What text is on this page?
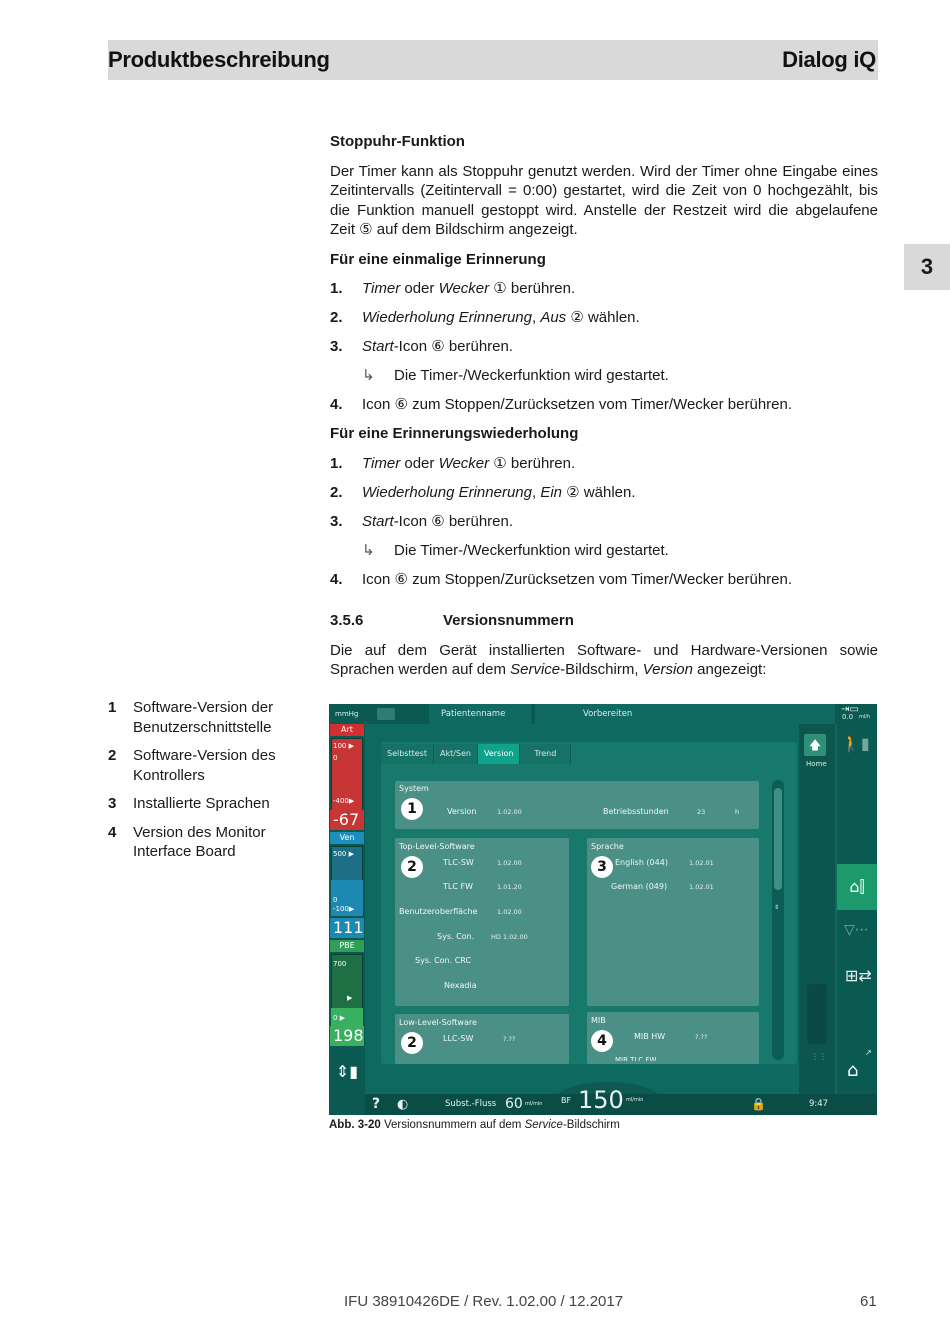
Produktbeschreibung	Dialog iQ
3
Stoppuhr-Funktion
Der Timer kann als Stoppuhr genutzt werden. Wird der Timer ohne Eingabe eines Zeitintervalls (Zeitintervall = 0:00) gestartet, wird die Zeit von 0 hochgezählt, bis die Funktion manuell gestoppt wird. Anstelle der Restzeit wird die abgelaufene Zeit ⑤ auf dem Bildschirm angezeigt.
Für eine einmalige Erinnerung
1.	Timer oder Wecker ① berühren.
2.	Wiederholung Erinnerung, Aus ② wählen.
3.	Start-Icon ⑥ berühren.
↳	Die Timer-/Weckerfunktion wird gestartet.
4.	Icon ⑥ zum Stoppen/Zurücksetzen vom Timer/Wecker berühren.
Für eine Erinnerungswiederholung
1.	Timer oder Wecker ① berühren.
2.	Wiederholung Erinnerung, Ein ② wählen.
3.	Start-Icon ⑥ berühren.
↳	Die Timer-/Weckerfunktion wird gestartet.
4.	Icon ⑥ zum Stoppen/Zurücksetzen vom Timer/Wecker berühren.
3.5.6	Versionsnummern
Die auf dem Gerät installierten Software- und Hardware-Versionen sowie Sprachen werden auf dem Service-Bildschirm, Version angezeigt:
1	Software-Version der Benutzerschnittstelle
2	Software-Version des Kontrollers
3	Installierte Sprachen
4	Version des Monitor Interface Board
mmHg	Patientenname	Vorbereiten	⇥▭
0.0 ml/h
Art
100 ▶
0
-400▶
-67
Ven
500 ▶
0
-100▶
111
PBE
700
▶
0 ▶
198
⇕▮
Selbsttest	Akt/Sen	Version	Trend
System
1	Version	1.02.00	Betriebsstunden	23	h
Top-Level-Software
2	TLC-SW	1.02.00
TLC FW	1.01.20
Benutzeroberfläche	1.02.00
Sys. Con.	HD 1.02.00
Sys. Con. CRC
Nexadia
Sprache
3	English (044)	1.02.01
German (049)	1.02.01
Low-Level-Software
2	LLC-SW	?.??
MIB
4	MIB HW	?.??
MIB TLC FW
⇕
🡅
Home
⋮⋮
🚶▮
⌂⫿
▽⋯
⊞⇄
⌂
↗
? ◐	Subst.-Fluss 60 ml/min BF 150 ml/min	🔒	9:47
Abb. 3-20 Versionsnummern auf dem Service-Bildschirm
IFU 38910426DE / Rev. 1.02.00 / 12.2017	61
